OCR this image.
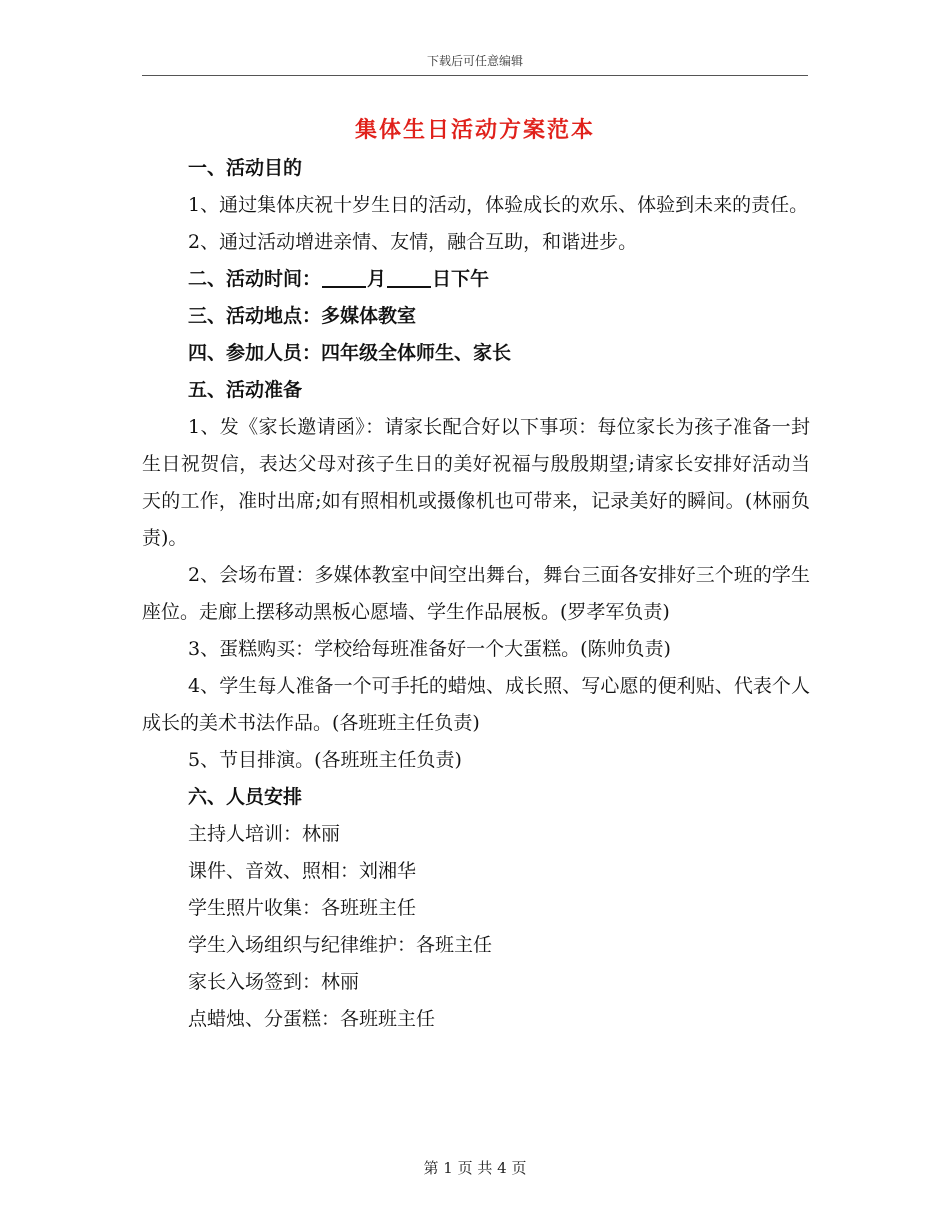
下载后可任意编辑
集体生日活动方案范本

一、活动目的

1、通过集体庆祝十岁生日的活动，体验成长的欢乐、体验到未来的责任。

2、通过活动增进亲情、友情，融合互助，和谐进步。

二、活动时间： 月 日下午

三、活动地点：多媒体教室

四、参加人员：四年级全体师生、家长

五、活动准备

1、发《家长邀请函》：请家长配合好以下事项：每位家长为孩子准备一封生日祝贺信，表达父母对孩子生日的美好祝福与殷殷期望;请家长安排好活动当天的工作，准时出席;如有照相机或摄像机也可带来，记录美好的瞬间。(林丽负责)。

2、会场布置：多媒体教室中间空出舞台，舞台三面各安排好三个班的学生座位。走廊上摆移动黑板心愿墙、学生作品展板。(罗孝军负责)

3、蛋糕购买：学校给每班准备好一个大蛋糕。(陈帅负责)

4、学生每人准备一个可手托的蜡烛、成长照、写心愿的便利贴、代表个人成长的美术书法作品。(各班班主任负责)

5、节目排演。(各班班主任负责)

六、人员安排

主持人培训：林丽

课件、音效、照相：刘湘华

学生照片收集：各班班主任

学生入场组织与纪律维护：各班主任

家长入场签到：林丽

点蜡烛、分蛋糕：各班班主任

第 1 页 共 4 页
